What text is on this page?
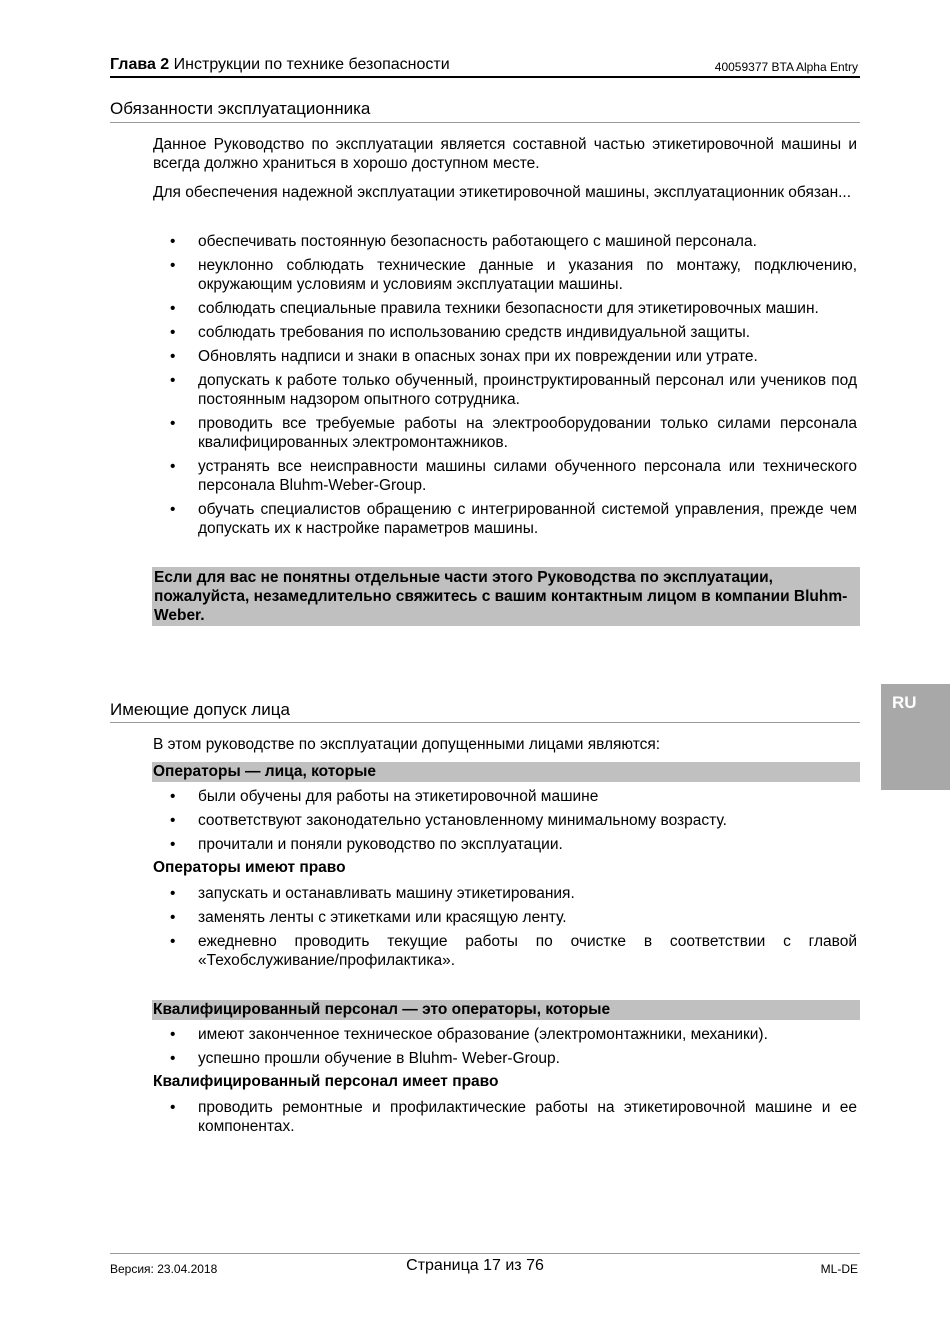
Глава 2 Инструкции по технике безопасности	40059377 BTA Alpha Entry
Обязанности эксплуатационника
Данное Руководство по эксплуатации является составной частью этикетировочной машины и всегда должно храниться в хорошо доступном месте.
Для обеспечения надежной эксплуатации этикетировочной машины, эксплуатационник обязан...
• обеспечивать постоянную безопасность работающего с машиной персонала.
• неуклонно соблюдать технические данные и указания по монтажу, подключению, окружающим условиям и условиям эксплуатации машины.
• соблюдать специальные правила техники безопасности для этикетировочных машин.
• соблюдать требования по использованию средств индивидуальной защиты.
• Обновлять надписи и знаки в опасных зонах при их повреждении или утрате.
• допускать к работе только обученный, проинструктированный персонал или учеников под постоянным надзором опытного сотрудника.
• проводить все требуемые работы на электрооборудовании только силами персонала квалифицированных электромонтажников.
• устранять все неисправности машины силами обученного персонала или технического персонала Bluhm-Weber-Group.
• обучать специалистов обращению с интегрированной системой управления, прежде чем допускать их к настройке параметров машины.
Если для вас не понятны отдельные части этого Руководства по эксплуатации, пожалуйста, незамедлительно свяжитесь с вашим контактным лицом в компании Bluhm-Weber.
RU
Имеющие допуск лица
В этом руководстве по эксплуатации допущенными лицами являются:
Операторы — лица, которые
• были обучены для работы на этикетировочной машине
• соответствуют законодательно установленному минимальному возрасту.
• прочитали и поняли руководство по эксплуатации.
Операторы имеют право
• запускать и останавливать машину этикетирования.
• заменять ленты с этикетками или красящую ленту.
• ежедневно проводить текущие работы по очистке в соответствии с главой «Техобслуживание/профилактика».
Квалифицированный персонал — это операторы, которые
• имеют законченное техническое образование (электромонтажники, механики).
• успешно прошли обучение в Bluhm- Weber-Group.
Квалифицированный персонал имеет право
• проводить ремонтные и профилактические работы на этикетировочной машине и ее компонентах.
Версия: 23.04.2018	Страница 17 из 76	ML-DE
